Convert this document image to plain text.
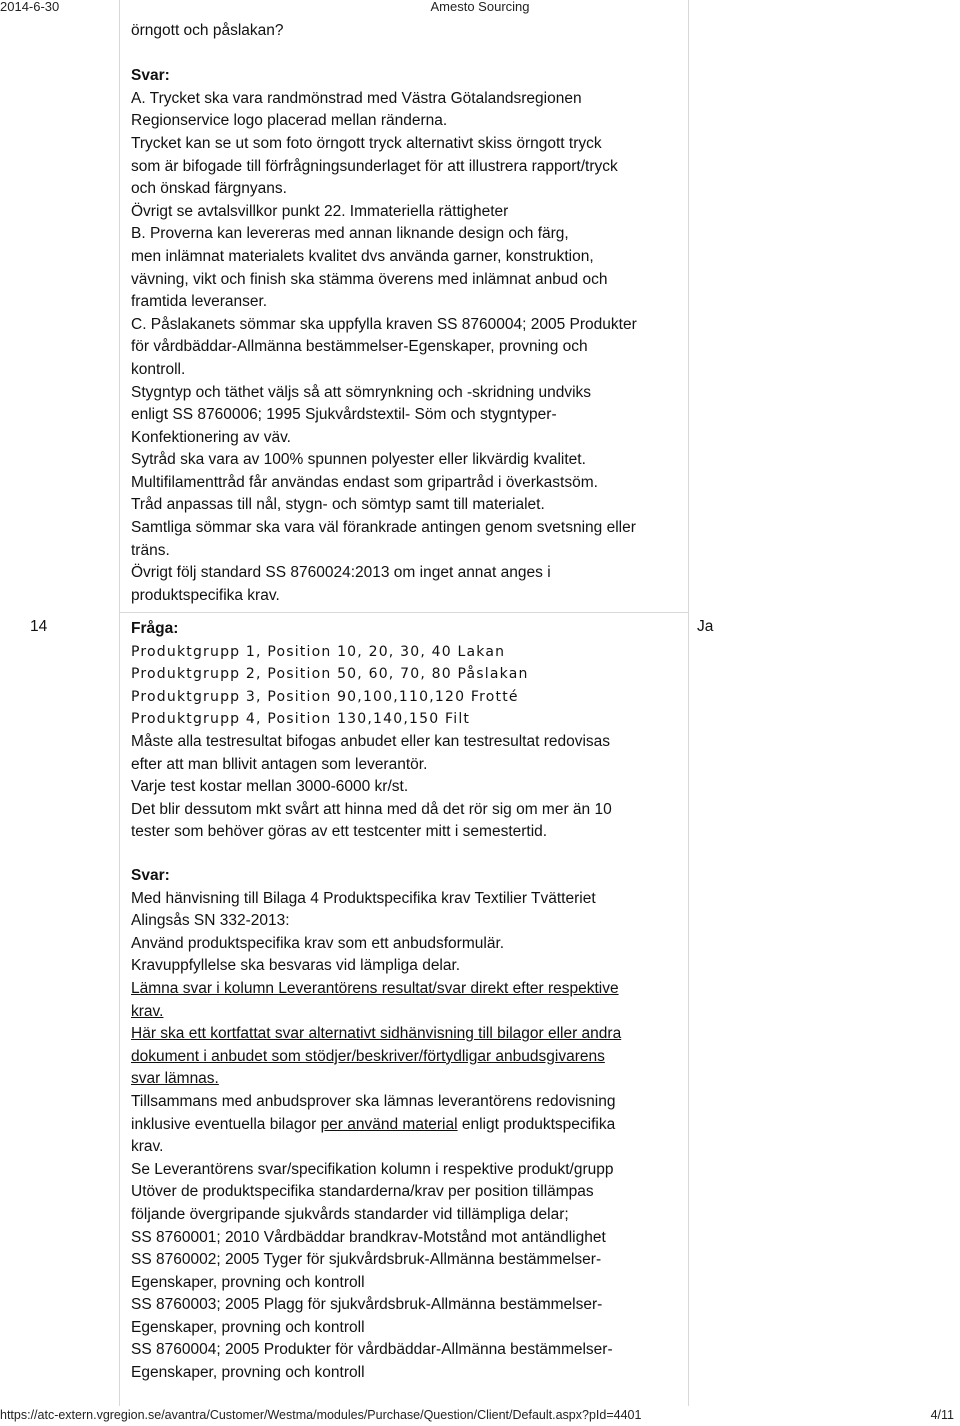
2014-6-30	Amesto Sourcing
örngott och påslakan?
Svar:
A. Trycket ska vara randmönstrad med Västra Götalandsregionen
Regionservice logo placerad mellan ränderna.
Trycket kan se ut som foto örngott tryck alternativt skiss örngott tryck
som är bifogade till förfrågningsunderlaget för att illustrera rapport/tryck
och önskad färgnyans.
Övrigt se avtalsvillkor punkt 22. Immateriella rättigheter
B. Proverna kan levereras med annan liknande design och färg,
men inlämnat materialets kvalitet dvs använda garner, konstruktion,
vävning, vikt och finish ska stämma överens med inlämnat anbud och
framtida leveranser.
C. Påslakanets sömmar ska uppfylla kraven SS 8760004; 2005 Produkter
för vårdbäddar-Allmänna bestämmelser-Egenskaper, provning och
kontroll.
Stygntyp och täthet väljs så att sömrynkning och -skridning undviks
enligt SS 8760006; 1995 Sjukvårdstextil- Söm och stygntyper-
Konfektionering av väv.
Sytråd ska vara av 100% spunnen polyester eller likvärdig kvalitet.
Multifilamenttråd får användas endast som gripartråd i överkastsöm.
Tråd anpassas till nål, stygn- och sömtyp samt till materialet.
Samtliga sömmar ska vara väl förankrade antingen genom svetsning eller
träns.
Övrigt följ standard SS 8760024:2013 om inget annat anges i
produktspecifika krav.
14	Ja
Fråga:
Produktgrupp 1, Position 10, 20, 30, 40 Lakan
Produktgrupp 2, Position 50, 60, 70, 80 Påslakan
Produktgrupp 3, Position 90,100,110,120 Frotté
Produktgrupp 4, Position 130,140,150 Filt
Måste alla testresultat bifogas anbudet eller kan testresultat redovisas
efter att man bllivit antagen som leverantör.
Varje test kostar mellan 3000-6000 kr/st.
Det blir dessutom mkt svårt att hinna med då det rör sig om mer än 10
tester som behöver göras av ett testcenter mitt i semestertid.
Svar:
Med hänvisning till Bilaga 4 Produktspecifika krav Textilier Tvätteriet
Alingsås SN 332-2013:
Använd produktspecifika krav som ett anbudsformulär.
Kravuppfyllelse ska besvaras vid lämpliga delar.
Lämna svar i kolumn Leverantörens resultat/svar direkt efter respektive
krav.
Här ska ett kortfattat svar alternativt sidhänvisning till bilagor eller andra
dokument i anbudet som stödjer/beskriver/förtydligar anbudsgivarens
svar lämnas.
Tillsammans med anbudsprover ska lämnas leverantörens redovisning
inklusive eventuella bilagor per använd material enligt produktspecifika
krav.
Se Leverantörens svar/specifikation kolumn i respektive produkt/grupp
Utöver de produktspecifika standarderna/krav per position tillämpas
följande övergripande sjukvårds standarder vid tillämpliga delar;
SS 8760001; 2010 Vårdbäddar brandkrav-Motstånd mot antändlighet
SS 8760002; 2005 Tyger för sjukvårdsbruk-Allmänna bestämmelser-
Egenskaper, provning och kontroll
SS 8760003; 2005 Plagg för sjukvårdsbruk-Allmänna bestämmelser-
Egenskaper, provning och kontroll
SS 8760004; 2005 Produkter för vårdbäddar-Allmänna bestämmelser-
Egenskaper, provning och kontroll
https://atc-extern.vgregion.se/avantra/Customer/Westma/modules/Purchase/Question/Client/Default.aspx?pId=4401	4/11
